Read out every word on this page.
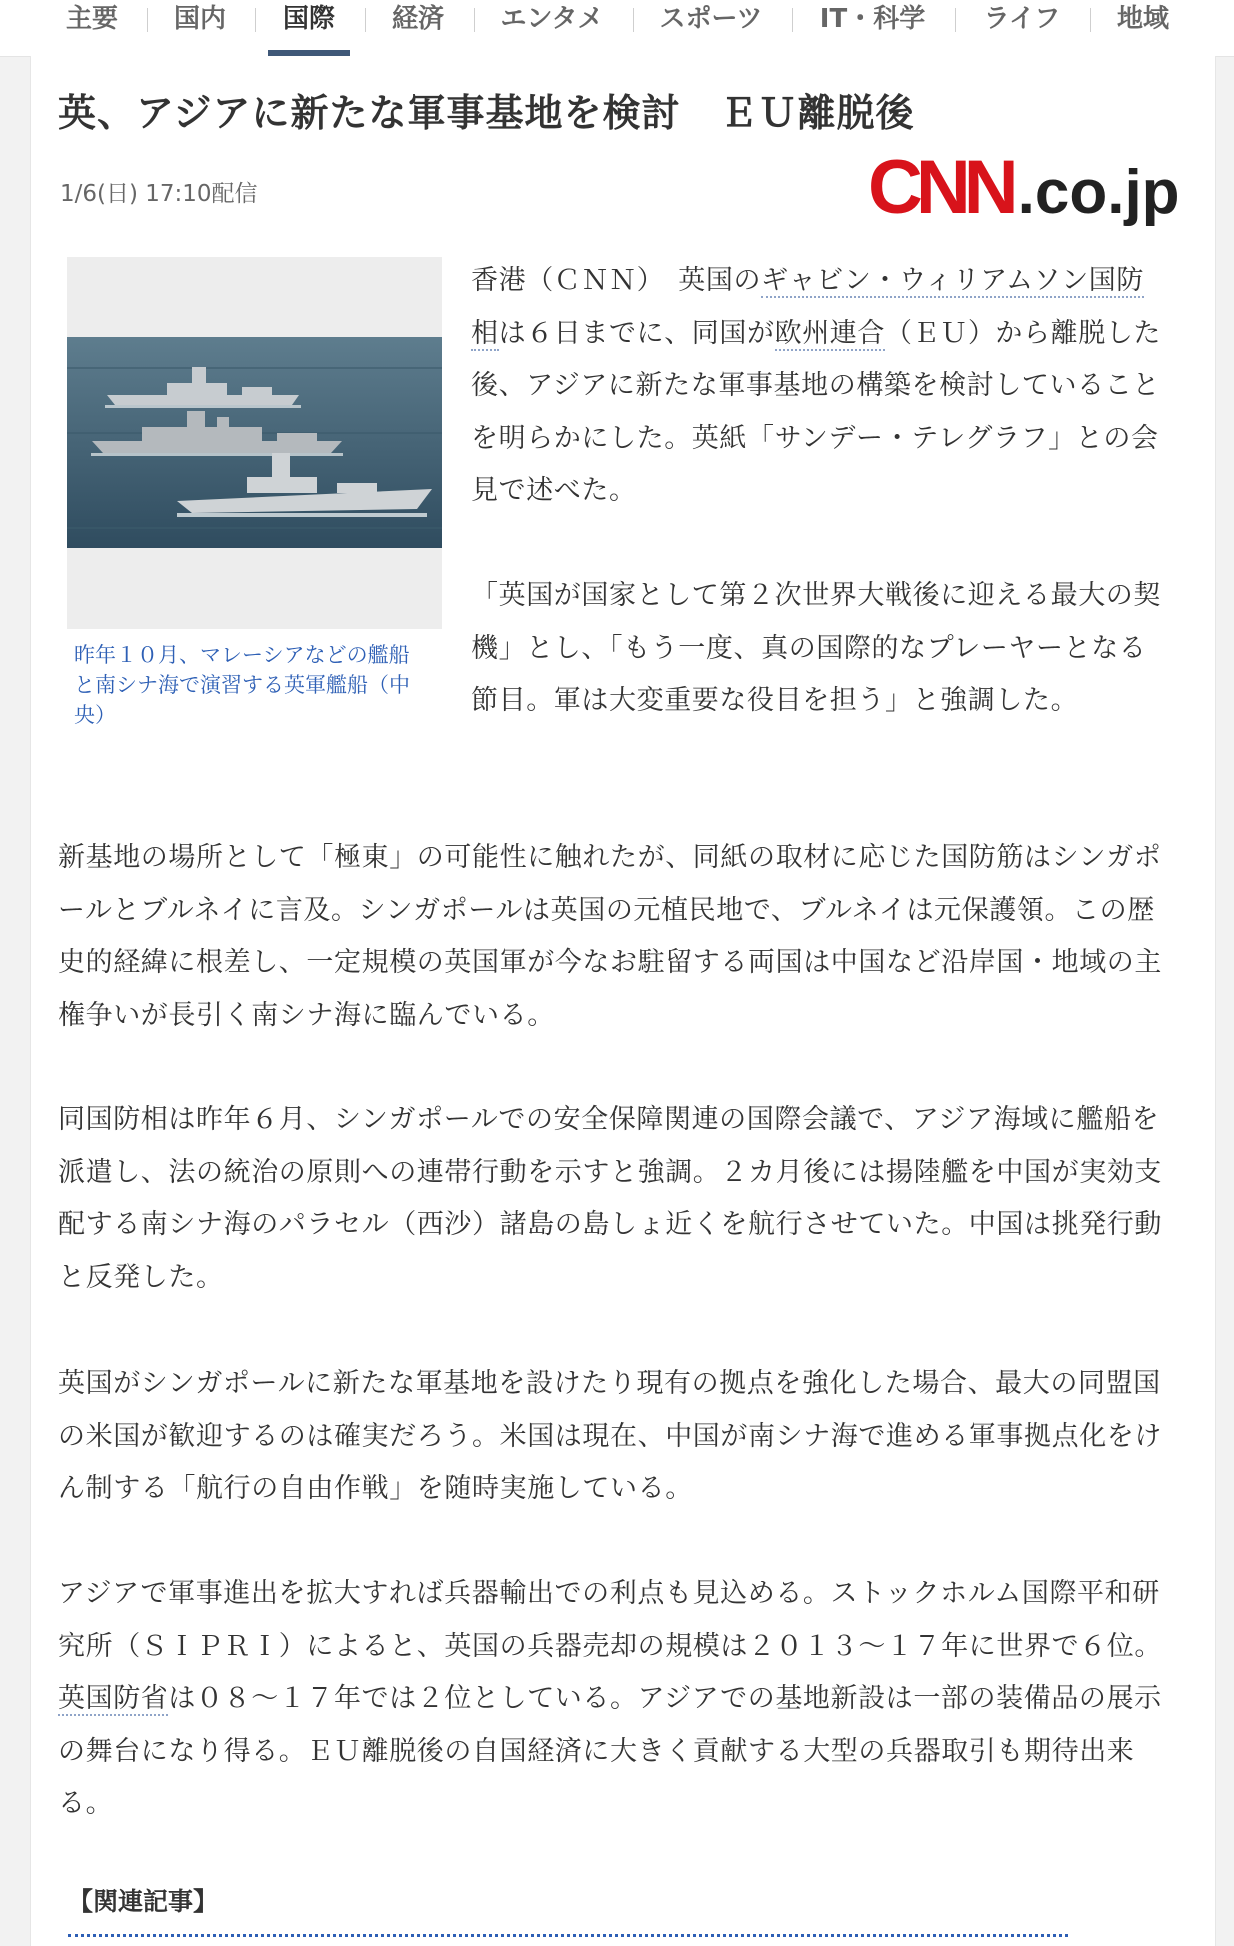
主要 国内	国際	経済 エンタメ スポーツ IT・科学 ライフ 地域
英、アジアに新たな軍事基地を検討　ＥＵ離脱後
1/6(日) 17:10配信	CNN.co.jp
昨年１０月、マレーシアなどの艦船と南シナ海で演習する英軍艦船（中央）

香港（ＣＮＮ）　英国のギャビン・ウィリアムソン国防相は６日までに、同国が欧州連合（ＥＵ）から離脱した後、アジアに新たな軍事基地の構築を検討していることを明らかにした。英紙「サンデー・テレグラフ」との会見で述べた。

「英国が国家として第２次世界大戦後に迎える最大の契機」とし、「もう一度、真の国際的なプレーヤーとなる節目。軍は大変重要な役目を担う」と強調した。

新基地の場所として「極東」の可能性に触れたが、同紙の取材に応じた国防筋はシンガポールとブルネイに言及。シンガポールは英国の元植民地で、ブルネイは元保護領。この歴史的経緯に根差し、一定規模の英国軍が今なお駐留する両国は中国など沿岸国・地域の主権争いが長引く南シナ海に臨んでいる。

同国防相は昨年６月、シンガポールでの安全保障関連の国際会議で、アジア海域に艦船を派遣し、法の統治の原則への連帯行動を示すと強調。２カ月後には揚陸艦を中国が実効支配する南シナ海のパラセル（西沙）諸島の島しょ近くを航行させていた。中国は挑発行動と反発した。

英国がシンガポールに新たな軍基地を設けたり現有の拠点を強化した場合、最大の同盟国の米国が歓迎するのは確実だろう。米国は現在、中国が南シナ海で進める軍事拠点化をけん制する「航行の自由作戦」を随時実施している。

アジアで軍事進出を拡大すれば兵器輸出での利点も見込める。ストックホルム国際平和研究所（ＳＩＰＲＩ）によると、英国の兵器売却の規模は２０１３～１７年に世界で６位。英国防省は０８～１７年では２位としている。アジアでの基地新設は一部の装備品の展示の舞台になり得る。ＥＵ離脱後の自国経済に大きく貢献する大型の兵器取引も期待出来る。

【関連記事】
